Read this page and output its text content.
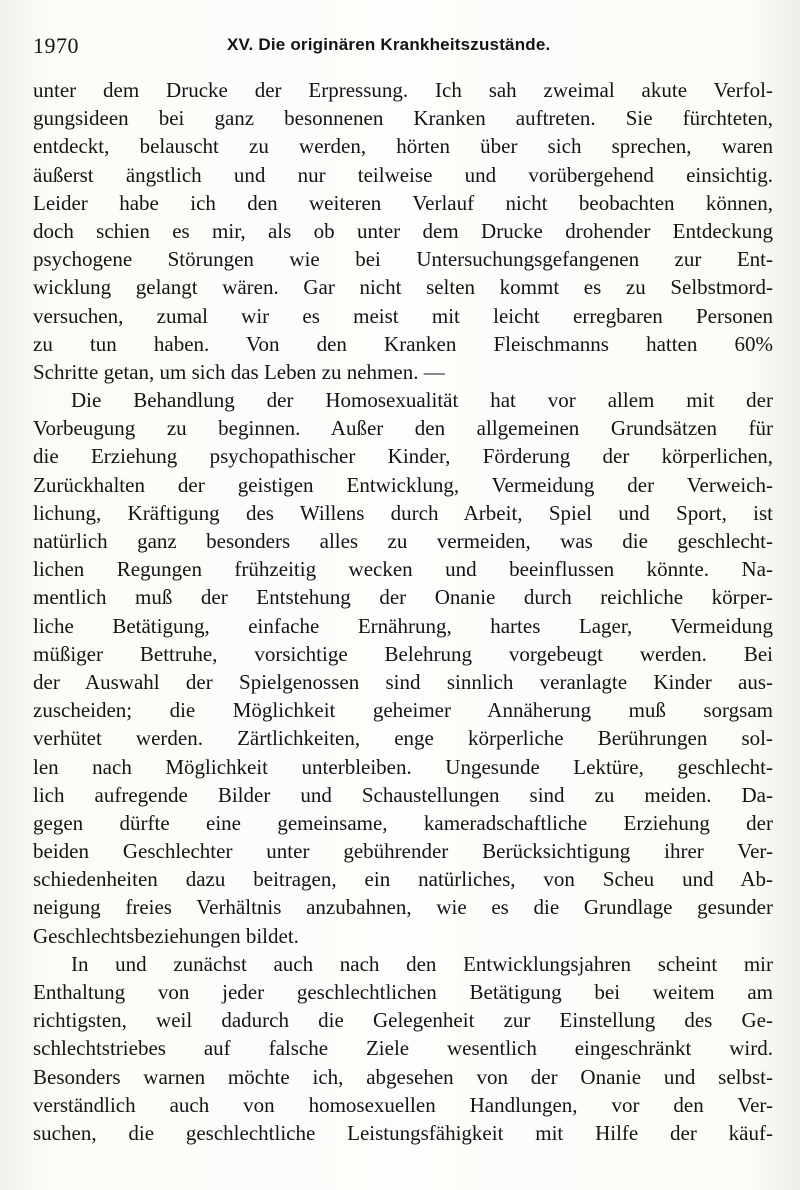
1970	XV. Die originären Krankheitszustände.
unter dem Drucke der Erpressung. Ich sah zweimal akute Verfol-
gungsideen bei ganz besonnenen Kranken auftreten. Sie fürchteten,
entdeckt, belauscht zu werden, hörten über sich sprechen, waren
äußerst ängstlich und nur teilweise und vorübergehend einsichtig.
Leider habe ich den weiteren Verlauf nicht beobachten können,
doch schien es mir, als ob unter dem Drucke drohender Entdeckung
psychogene Störungen wie bei Untersuchungsgefangenen zur Ent-
wicklung gelangt wären. Gar nicht selten kommt es zu Selbstmord-
versuchen, zumal wir es meist mit leicht erregbaren Personen
zu tun haben. Von den Kranken Fleischmanns hatten 60%
Schritte getan, um sich das Leben zu nehmen. —
Die Behandlung der Homosexualität hat vor allem mit der
Vorbeugung zu beginnen. Außer den allgemeinen Grundsätzen für
die Erziehung psychopathischer Kinder, Förderung der körperlichen,
Zurückhalten der geistigen Entwicklung, Vermeidung der Verweich-
lichung, Kräftigung des Willens durch Arbeit, Spiel und Sport, ist
natürlich ganz besonders alles zu vermeiden, was die geschlecht-
lichen Regungen frühzeitig wecken und beeinflussen könnte. Na-
mentlich muß der Entstehung der Onanie durch reichliche körper-
liche Betätigung, einfache Ernährung, hartes Lager, Vermeidung
müßiger Bettruhe, vorsichtige Belehrung vorgebeugt werden. Bei
der Auswahl der Spielgenossen sind sinnlich veranlagte Kinder aus-
zuscheiden; die Möglichkeit geheimer Annäherung muß sorgsam
verhütet werden. Zärtlichkeiten, enge körperliche Berührungen sol-
len nach Möglichkeit unterbleiben. Ungesunde Lektüre, geschlecht-
lich aufregende Bilder und Schaustellungen sind zu meiden. Da-
gegen dürfte eine gemeinsame, kameradschaftliche Erziehung der
beiden Geschlechter unter gebührender Berücksichtigung ihrer Ver-
schiedenheiten dazu beitragen, ein natürliches, von Scheu und Ab-
neigung freies Verhältnis anzubahnen, wie es die Grundlage gesunder
Geschlechtsbeziehungen bildet.
In und zunächst auch nach den Entwicklungsjahren scheint mir
Enthaltung von jeder geschlechtlichen Betätigung bei weitem am
richtigsten, weil dadurch die Gelegenheit zur Einstellung des Ge-
schlechtstriebes auf falsche Ziele wesentlich eingeschränkt wird.
Besonders warnen möchte ich, abgesehen von der Onanie und selbst-
verständlich auch von homosexuellen Handlungen, vor den Ver-
suchen, die geschlechtliche Leistungsfähigkeit mit Hilfe der käuf-
